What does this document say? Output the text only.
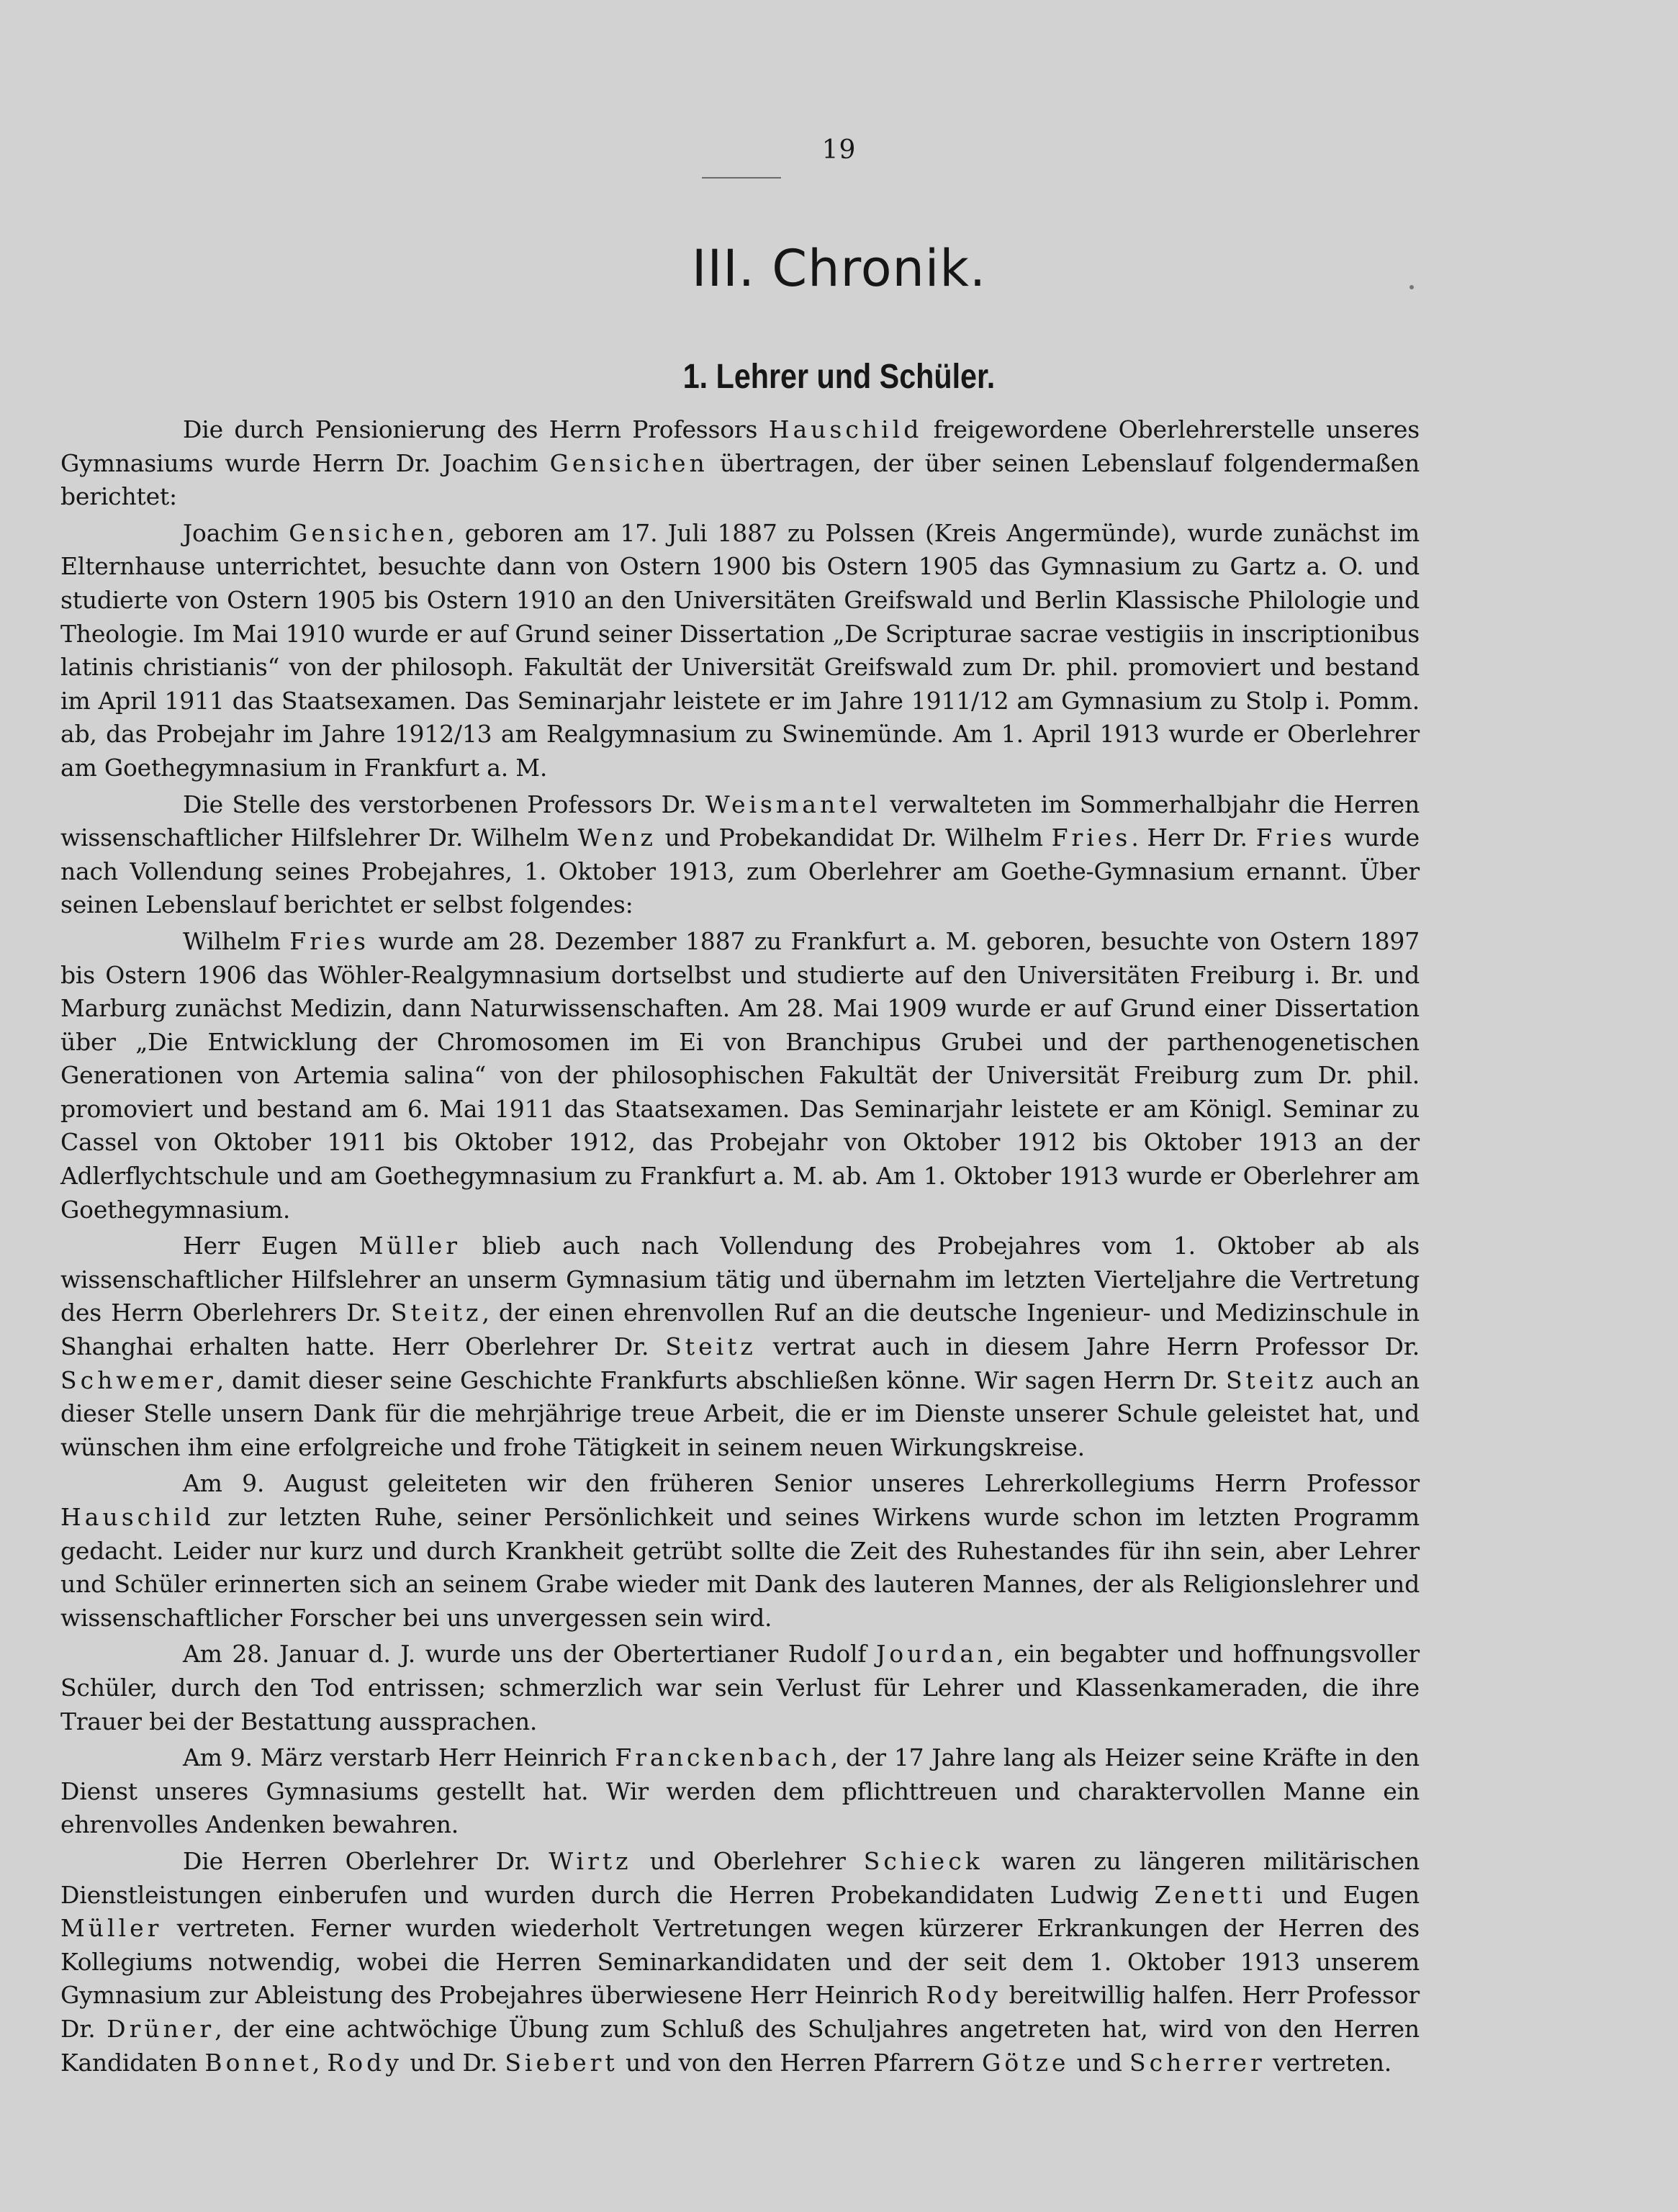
19
III. Chronik.
1. Lehrer und Schüler.

Die durch Pensionierung des Herrn Professors Hauschild freigewordene Oberlehrerstelle unseres Gymnasiums wurde Herrn Dr. Joachim Gensichen übertragen, der über seinen Lebenslauf folgendermaßen berichtet:

Joachim Gensichen, geboren am 17. Juli 1887 zu Polssen (Kreis Angermünde), wurde zunächst im Elternhause unterrichtet, besuchte dann von Ostern 1900 bis Ostern 1905 das Gymnasium zu Gartz a. O. und studierte von Ostern 1905 bis Ostern 1910 an den Universitäten Greifswald und Berlin Klassische Philologie und Theologie. Im Mai 1910 wurde er auf Grund seiner Dissertation „De Scripturae sacrae vestigiis in inscriptionibus latinis christianis“ von der philosoph. Fakultät der Universität Greifswald zum Dr. phil. promoviert und bestand im April 1911 das Staatsexamen. Das Seminarjahr leistete er im Jahre 1911/12 am Gymnasium zu Stolp i. Pomm. ab, das Probejahr im Jahre 1912/13 am Realgymnasium zu Swinemünde. Am 1. April 1913 wurde er Oberlehrer am Goethegymnasium in Frankfurt a. M.

Die Stelle des verstorbenen Professors Dr. Weismantel verwalteten im Sommerhalbjahr die Herren wissenschaftlicher Hilfslehrer Dr. Wilhelm Wenz und Probekandidat Dr. Wilhelm Fries. Herr Dr. Fries wurde nach Vollendung seines Probejahres, 1. Oktober 1913, zum Oberlehrer am Goethe-Gymnasium ernannt. Über seinen Lebenslauf berichtet er selbst folgendes:

Wilhelm Fries wurde am 28. Dezember 1887 zu Frankfurt a. M. geboren, besuchte von Ostern 1897 bis Ostern 1906 das Wöhler-Realgymnasium dortselbst und studierte auf den Universitäten Freiburg i. Br. und Marburg zunächst Medizin, dann Naturwissenschaften. Am 28. Mai 1909 wurde er auf Grund einer Dissertation über „Die Entwicklung der Chromosomen im Ei von Branchipus Grubei und der parthenogenetischen Generationen von Artemia salina“ von der philosophischen Fakultät der Universität Freiburg zum Dr. phil. promoviert und bestand am 6. Mai 1911 das Staatsexamen. Das Seminarjahr leistete er am Königl. Seminar zu Cassel von Oktober 1911 bis Oktober 1912, das Probejahr von Oktober 1912 bis Oktober 1913 an der Adlerflychtschule und am Goethegymnasium zu Frankfurt a. M. ab. Am 1. Oktober 1913 wurde er Oberlehrer am Goethegymnasium.

Herr Eugen Müller blieb auch nach Vollendung des Probejahres vom 1. Oktober ab als wissenschaftlicher Hilfslehrer an unserm Gymnasium tätig und übernahm im letzten Vierteljahre die Vertretung des Herrn Oberlehrers Dr. Steitz, der einen ehrenvollen Ruf an die deutsche Ingenieur- und Medizinschule in Shanghai erhalten hatte. Herr Oberlehrer Dr. Steitz vertrat auch in diesem Jahre Herrn Professor Dr. Schwemer, damit dieser seine Geschichte Frankfurts abschließen könne. Wir sagen Herrn Dr. Steitz auch an dieser Stelle unsern Dank für die mehrjährige treue Arbeit, die er im Dienste unserer Schule geleistet hat, und wünschen ihm eine erfolgreiche und frohe Tätigkeit in seinem neuen Wirkungskreise.

Am 9. August geleiteten wir den früheren Senior unseres Lehrerkollegiums Herrn Professor Hauschild zur letzten Ruhe, seiner Persönlichkeit und seines Wirkens wurde schon im letzten Programm gedacht. Leider nur kurz und durch Krankheit getrübt sollte die Zeit des Ruhestandes für ihn sein, aber Lehrer und Schüler erinnerten sich an seinem Grabe wieder mit Dank des lauteren Mannes, der als Religionslehrer und wissenschaftlicher Forscher bei uns unvergessen sein wird.

Am 28. Januar d. J. wurde uns der Obertertianer Rudolf Jourdan, ein begabter und hoffnungsvoller Schüler, durch den Tod entrissen; schmerzlich war sein Verlust für Lehrer und Klassenkameraden, die ihre Trauer bei der Bestattung aussprachen.

Am 9. März verstarb Herr Heinrich Franckenbach, der 17 Jahre lang als Heizer seine Kräfte in den Dienst unseres Gymnasiums gestellt hat. Wir werden dem pflichttreuen und charaktervollen Manne ein ehrenvolles Andenken bewahren.

Die Herren Oberlehrer Dr. Wirtz und Oberlehrer Schieck waren zu längeren militärischen Dienstleistungen einberufen und wurden durch die Herren Probekandidaten Ludwig Zenetti und Eugen Müller vertreten. Ferner wurden wiederholt Vertretungen wegen kürzerer Erkrankungen der Herren des Kollegiums notwendig, wobei die Herren Seminarkandidaten und der seit dem 1. Oktober 1913 unserem Gymnasium zur Ableistung des Probejahres überwiesene Herr Heinrich Rody bereitwillig halfen. Herr Professor Dr. Drüner, der eine achtwöchige Übung zum Schluß des Schuljahres angetreten hat, wird von den Herren Kandidaten Bonnet, Rody und Dr. Siebert und von den Herren Pfarrern Götze und Scherrer vertreten.
